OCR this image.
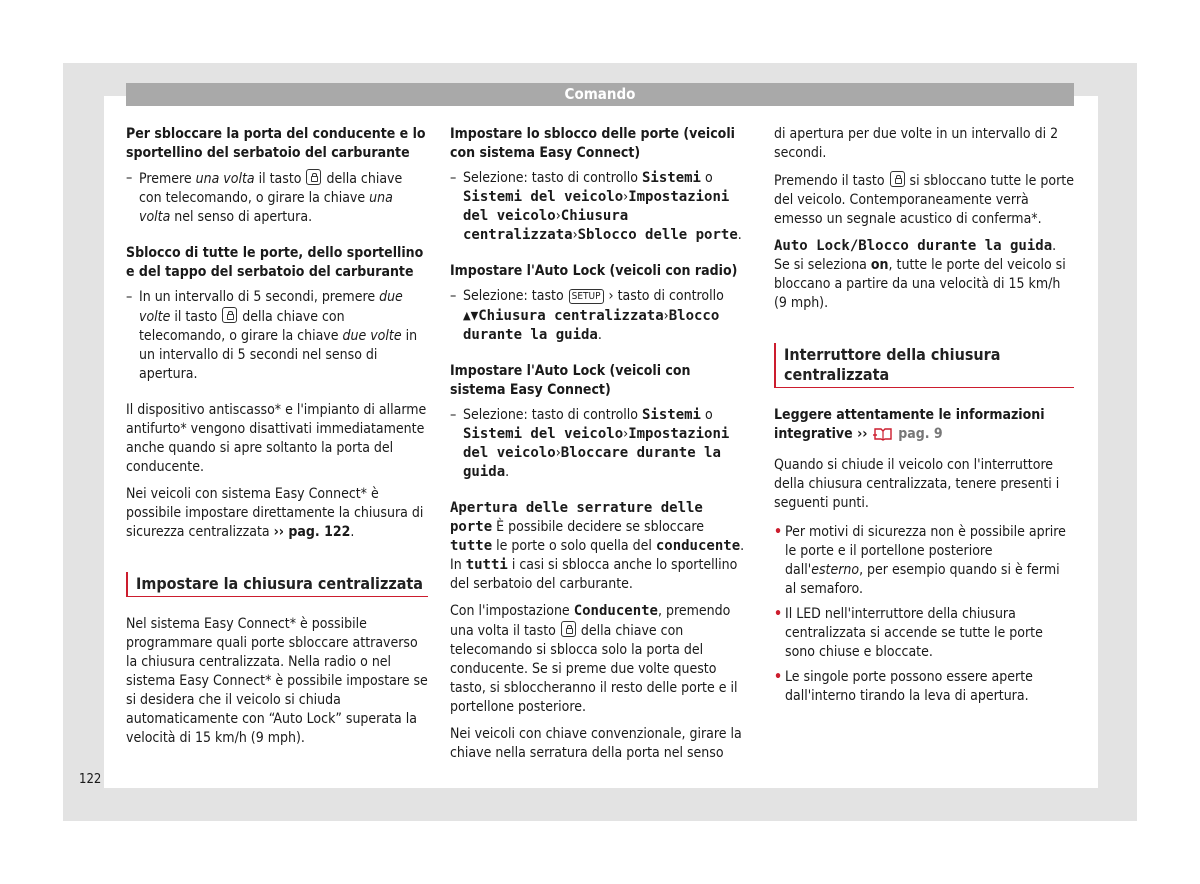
Comando

Per sbloccare la porta del conducente e lo sportellino del serbatoio del carburante

– Premere una volta il tasto  della chiave con telecomando, o girare la chiave una volta nel senso di apertura.

Sblocco di tutte le porte, dello sportellino e del tappo del serbatoio del carburante

– In un intervallo di 5 secondi, premere due volte il tasto  della chiave con telecomando, o girare la chiave due volte in un intervallo di 5 secondi nel senso di apertura.

Il dispositivo antiscasso* e l'impianto di allarme antifurto* vengono disattivati immediatamente anche quando si apre soltanto la porta del conducente.

Nei veicoli con sistema Easy Connect* è possibile impostare direttamente la chiusura di sicurezza centralizzata ›› pag. 122.

Impostare la chiusura centralizzata

Nel sistema Easy Connect* è possibile programmare quali porte sbloccare attraverso la chiusura centralizzata. Nella radio o nel sistema Easy Connect* è possibile impostare se si desidera che il veicolo si chiuda automaticamente con “Auto Lock” superata la velocità di 15 km/h (9 mph).

Impostare lo sblocco delle porte (veicoli con sistema Easy Connect)

– Selezione: tasto di controllo Sistemi o Sistemi del veicolo›Impostazioni del veicolo›Chiusura centralizzata›Sblocco delle porte.

Impostare l'Auto Lock (veicoli con radio)

– Selezione: tasto SETUP › tasto di controllo ▲▼Chiusura centralizzata›Blocco durante la guida.

Impostare l'Auto Lock (veicoli con sistema Easy Connect)

– Selezione: tasto di controllo Sistemi o Sistemi del veicolo›Impostazioni del veicolo›Bloccare durante la guida.

Apertura delle serrature delle porte È possibile decidere se sbloccare tutte le porte o solo quella del conducente. In tutti i casi si sblocca anche lo sportellino del serbatoio del carburante.

Con l'impostazione Conducente, premendo una volta il tasto  della chiave con telecomando si sblocca solo la porta del conducente. Se si preme due volte questo tasto, si sbloccheranno il resto delle porte e il portellone posteriore.

Nei veicoli con chiave convenzionale, girare la chiave nella serratura della porta nel senso

di apertura per due volte in un intervallo di 2 secondi.

Premendo il tasto  si sbloccano tutte le porte del veicolo. Contemporaneamente verrà emesso un segnale acustico di conferma*.

Auto Lock/Blocco durante la guida. Se si seleziona on, tutte le porte del veicolo si bloccano a partire da una velocità di 15 km/h (9 mph).

Interruttore della chiusura centralizzata

Leggere attentamente le informazioni integrative ›› pag. 9

Quando si chiude il veicolo con l'interruttore della chiusura centralizzata, tenere presenti i seguenti punti.

• Per motivi di sicurezza non è possibile aprire le porte e il portellone posteriore dall'esterno, per esempio quando si è fermi al semaforo.
• Il LED nell'interruttore della chiusura centralizzata si accende se tutte le porte sono chiuse e bloccate.
• Le singole porte possono essere aperte dall'interno tirando la leva di apertura.
122
